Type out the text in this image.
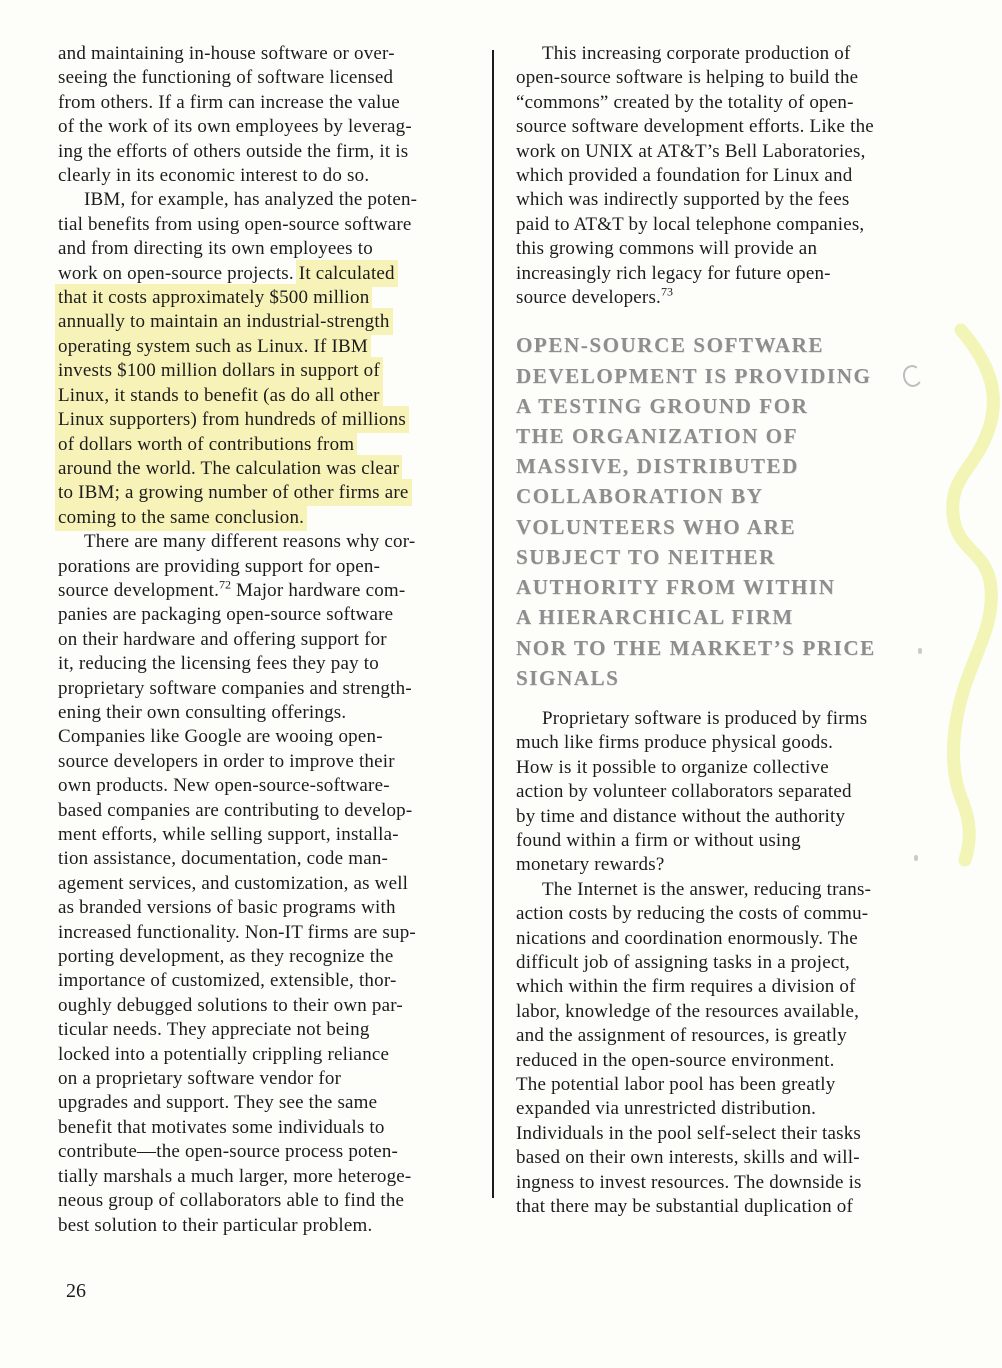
and maintaining in-house software or over-
seeing the functioning of software licensed
from others. If a firm can increase the value
of the work of its own employees by leverag-
ing the efforts of others outside the firm, it is
clearly in its economic interest to do so.
IBM, for example, has analyzed the poten-
tial benefits from using open-source software
and from directing its own employees to
work on open-source projects. It calculated
that it costs approximately $500 million
annually to maintain an industrial-strength
operating system such as Linux. If IBM
invests $100 million dollars in support of
Linux, it stands to benefit (as do all other
Linux supporters) from hundreds of millions
of dollars worth of contributions from
around the world. The calculation was clear
to IBM; a growing number of other firms are
coming to the same conclusion.
There are many different reasons why cor-
porations are providing support for open-
source development.$^{72}$ Major hardware com-
panies are packaging open-source software
on their hardware and offering support for
it, reducing the licensing fees they pay to
proprietary software companies and strength-
ening their own consulting offerings.
Companies like Google are wooing open-
source developers in order to improve their
own products. New open-source-software-
based companies are contributing to develop-
ment efforts, while selling support, installa-
tion assistance, documentation, code man-
agement services, and customization, as well
as branded versions of basic programs with
increased functionality. Non-IT firms are sup-
porting development, as they recognize the
importance of customized, extensible, thor-
oughly debugged solutions to their own par-
ticular needs. They appreciate not being
locked into a potentially crippling reliance
on a proprietary software vendor for
upgrades and support. They see the same
benefit that motivates some individuals to
contribute—the open-source process poten-
tially marshals a much larger, more heteroge-
neous group of collaborators able to find the
best solution to their particular problem.
This increasing corporate production of
open-source software is helping to build the
“commons” created by the totality of open-
source software development efforts. Like the
work on UNIX at AT&T’s Bell Laboratories,
which provided a foundation for Linux and
which was indirectly supported by the fees
paid to AT&T by local telephone companies,
this growing commons will provide an
increasingly rich legacy for future open-
source developers.$^{73}$
OPEN-SOURCE SOFTWARE
DEVELOPMENT IS PROVIDING
A TESTING GROUND FOR
THE ORGANIZATION OF
MASSIVE, DISTRIBUTED
COLLABORATION BY
VOLUNTEERS WHO ARE
SUBJECT TO NEITHER
AUTHORITY FROM WITHIN
A HIERARCHICAL FIRM
NOR TO THE MARKET’S PRICE
SIGNALS
Proprietary software is produced by firms
much like firms produce physical goods.
How is it possible to organize collective
action by volunteer collaborators separated
by time and distance without the authority
found within a firm or without using
monetary rewards?
The Internet is the answer, reducing trans-
action costs by reducing the costs of commu-
nications and coordination enormously. The
difficult job of assigning tasks in a project,
which within the firm requires a division of
labor, knowledge of the resources available,
and the assignment of resources, is greatly
reduced in the open-source environment.
The potential labor pool has been greatly
expanded via unrestricted distribution.
Individuals in the pool self-select their tasks
based on their own interests, skills and will-
ingness to invest resources. The downside is
that there may be substantial duplication of
26
